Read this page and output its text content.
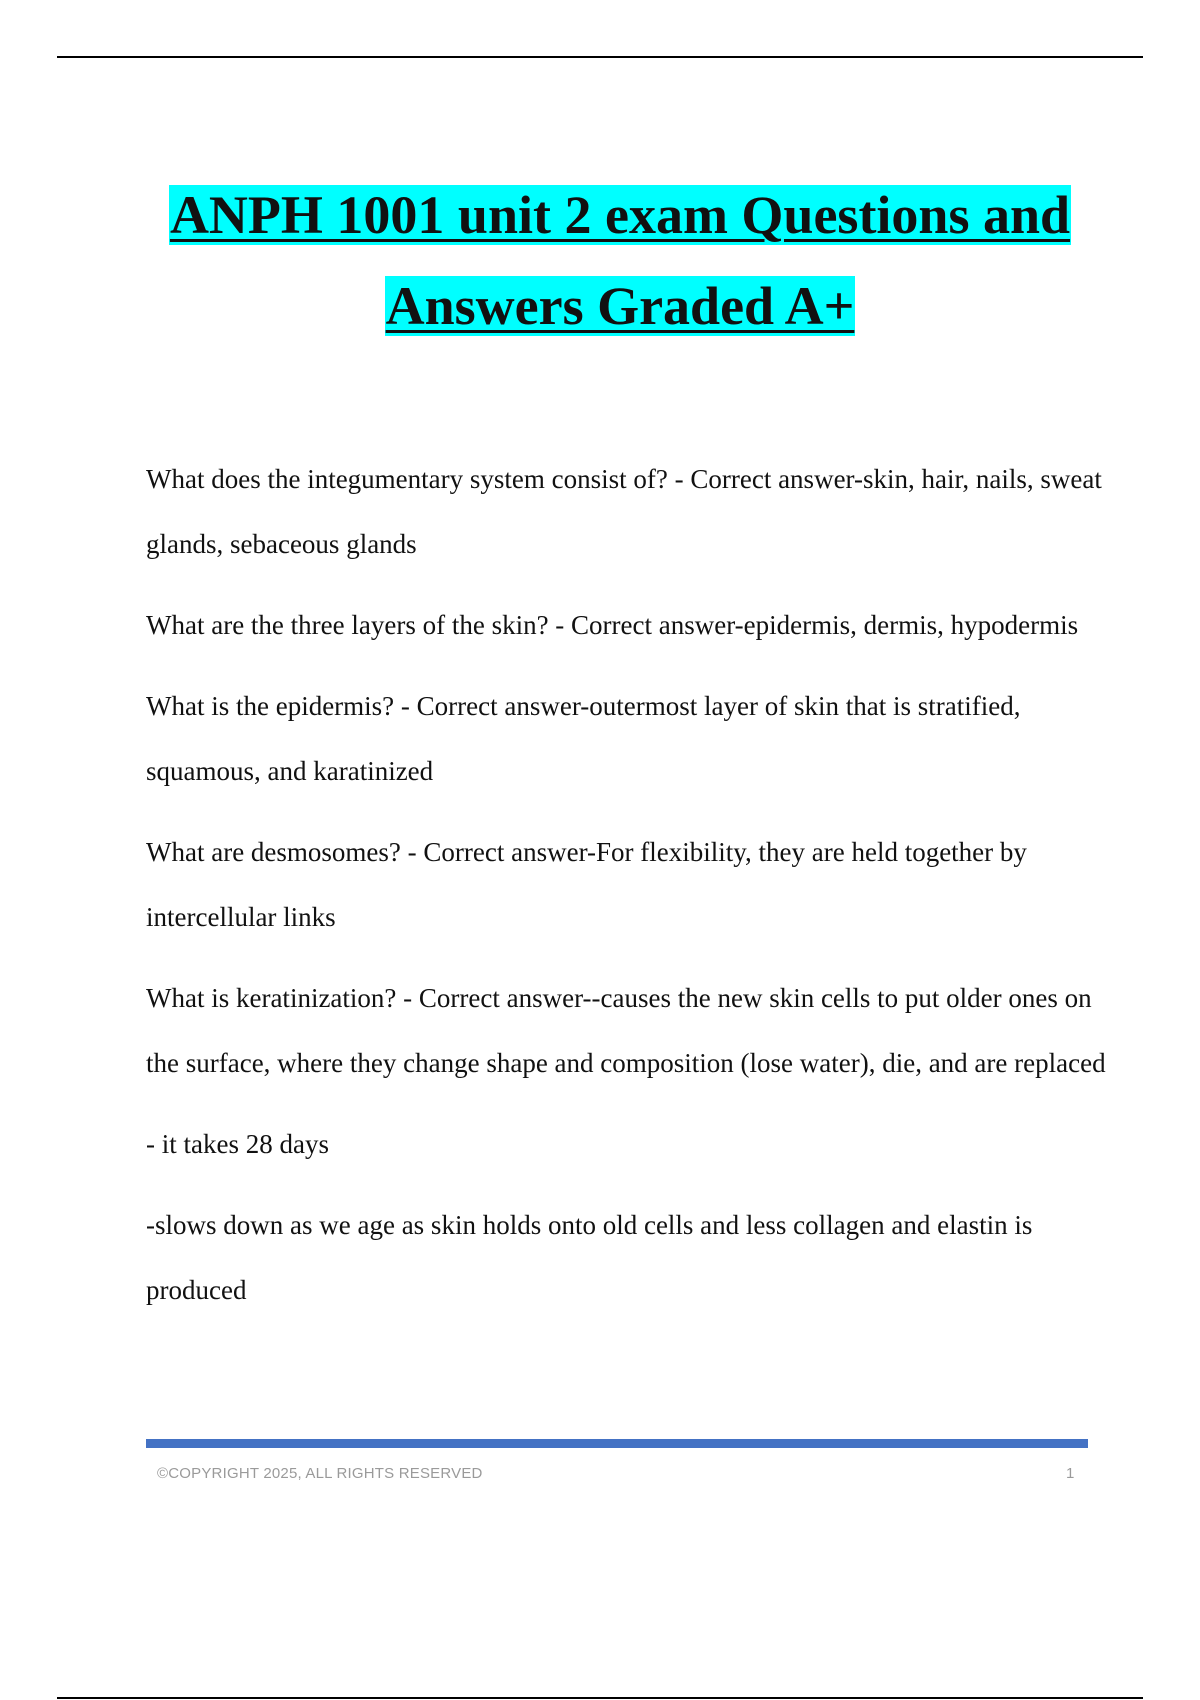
ANPH 1001 unit 2 exam Questions and

Answers Graded A+

What does the integumentary system consist of? - Correct answer-skin, hair, nails, sweat glands, sebaceous glands

What are the three layers of the skin? - Correct answer-epidermis, dermis, hypodermis

What is the epidermis? - Correct answer-outermost layer of skin that is stratified, squamous, and karatinized

What are desmosomes? - Correct answer-For flexibility, they are held together by intercellular links

What is keratinization? - Correct answer--causes the new skin cells to put older ones on the surface, where they change shape and composition (lose water), die, and are replaced

- it takes 28 days

-slows down as we age as skin holds onto old cells and less collagen and elastin is produced

©COPYRIGHT 2025, ALL RIGHTS RESERVED	1
